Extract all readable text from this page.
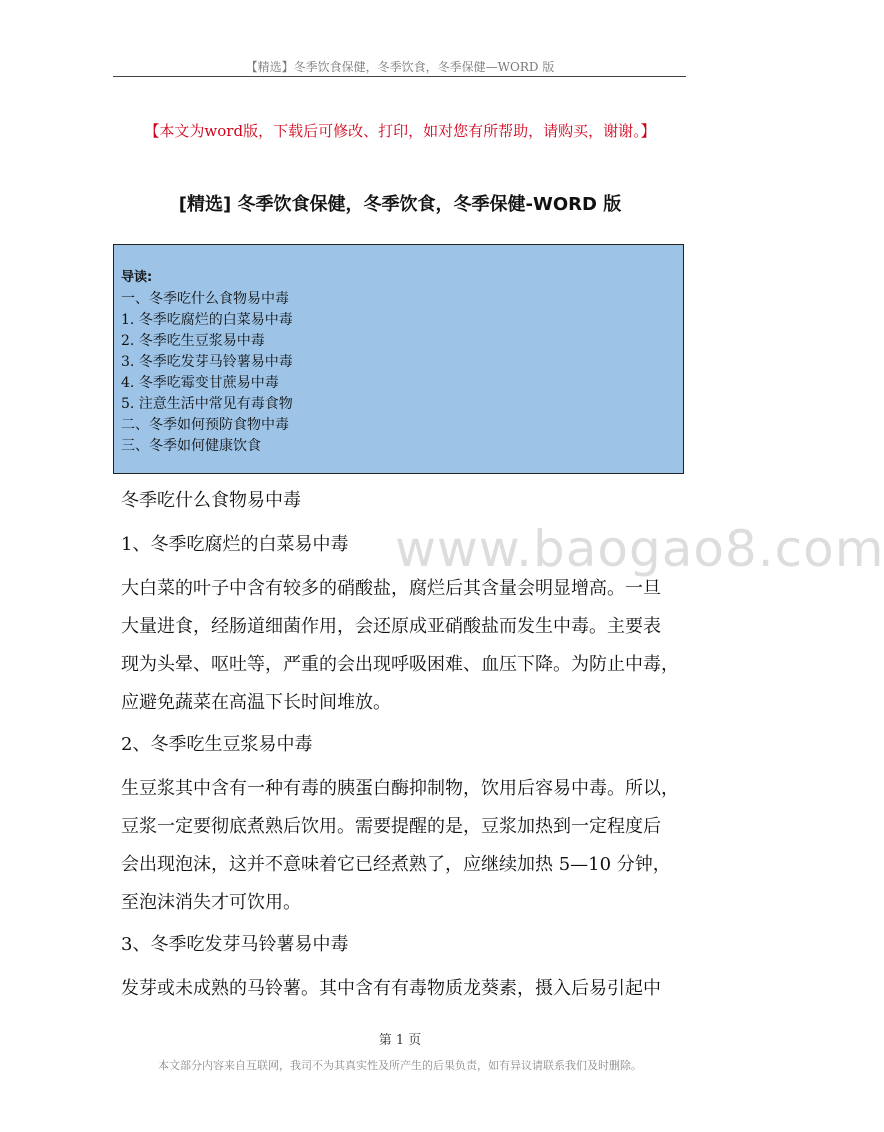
【精选】冬季饮食保健，冬季饮食，冬季保健—WORD 版
【本文为word版，下载后可修改、打印，如对您有所帮助，请购买，谢谢。】
[精选] 冬季饮食保健，冬季饮食，冬季保健-WORD 版
导读:
一、冬季吃什么食物易中毒
1. 冬季吃腐烂的白菜易中毒
2. 冬季吃生豆浆易中毒
3. 冬季吃发芽马铃薯易中毒
4. 冬季吃霉变甘蔗易中毒
5. 注意生活中常见有毒食物
二、冬季如何预防食物中毒
三、冬季如何健康饮食
www.baogao8.com

冬季吃什么食物易中毒

1、冬季吃腐烂的白菜易中毒

大白菜的叶子中含有较多的硝酸盐，腐烂后其含量会明显增高。一旦

大量进食，经肠道细菌作用，会还原成亚硝酸盐而发生中毒。主要表

现为头晕、呕吐等，严重的会出现呼吸困难、血压下降。为防止中毒，

应避免蔬菜在高温下长时间堆放。

2、冬季吃生豆浆易中毒

生豆浆其中含有一种有毒的胰蛋白酶抑制物，饮用后容易中毒。所以，

豆浆一定要彻底煮熟后饮用。需要提醒的是，豆浆加热到一定程度后

会出现泡沫，这并不意味着它已经煮熟了，应继续加热 5—10 分钟，

至泡沫消失才可饮用。

3、冬季吃发芽马铃薯易中毒

发芽或未成熟的马铃薯。其中含有有毒物质龙葵素，摄入后易引起中

第 1 页
本文部分内容来自互联网，我司不为其真实性及所产生的后果负责，如有异议请联系我们及时删除。
